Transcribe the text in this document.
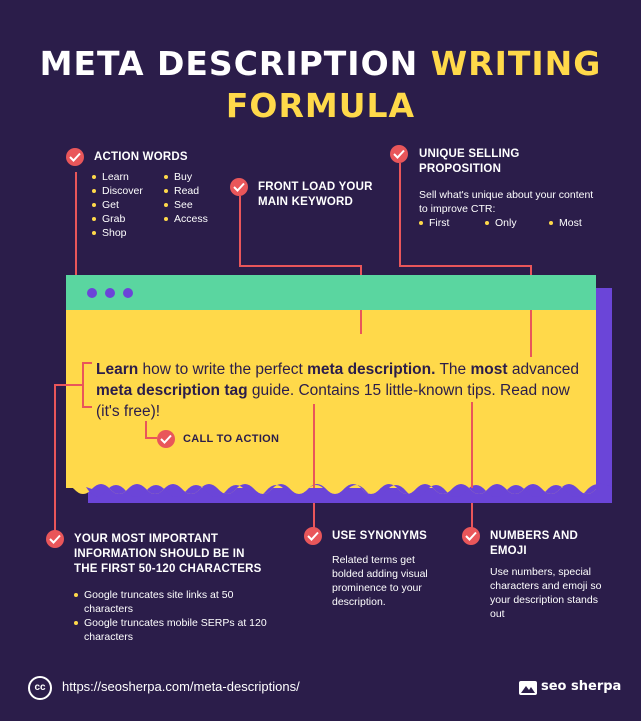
META DESCRIPTION WRITING
FORMULA
ACTION WORDS
Learn
Discover
Get
Grab
Shop
Buy
Read
See
Access
FRONT LOAD YOUR
MAIN KEYWORD
UNIQUE SELLING
PROPOSITION
Sell what's unique about your content
to improve CTR:
First	Only	Most
Learn how to write the perfect meta description. The most advanced meta description tag guide. Contains 15 little-known tips. Read now (it's free)!
CALL TO ACTION
YOUR MOST IMPORTANT
INFORMATION SHOULD BE IN
THE FIRST 50-120 CHARACTERS
Google truncates site links at 50
characters
Google truncates mobile SERPs at 120
characters
USE SYNONYMS
Related terms get
bolded adding visual
prominence to your
description.
NUMBERS AND
EMOJI
Use numbers, special
characters and emoji so
your description stands
out
cc	https://seosherpa.com/meta-descriptions/	seo sherpa
